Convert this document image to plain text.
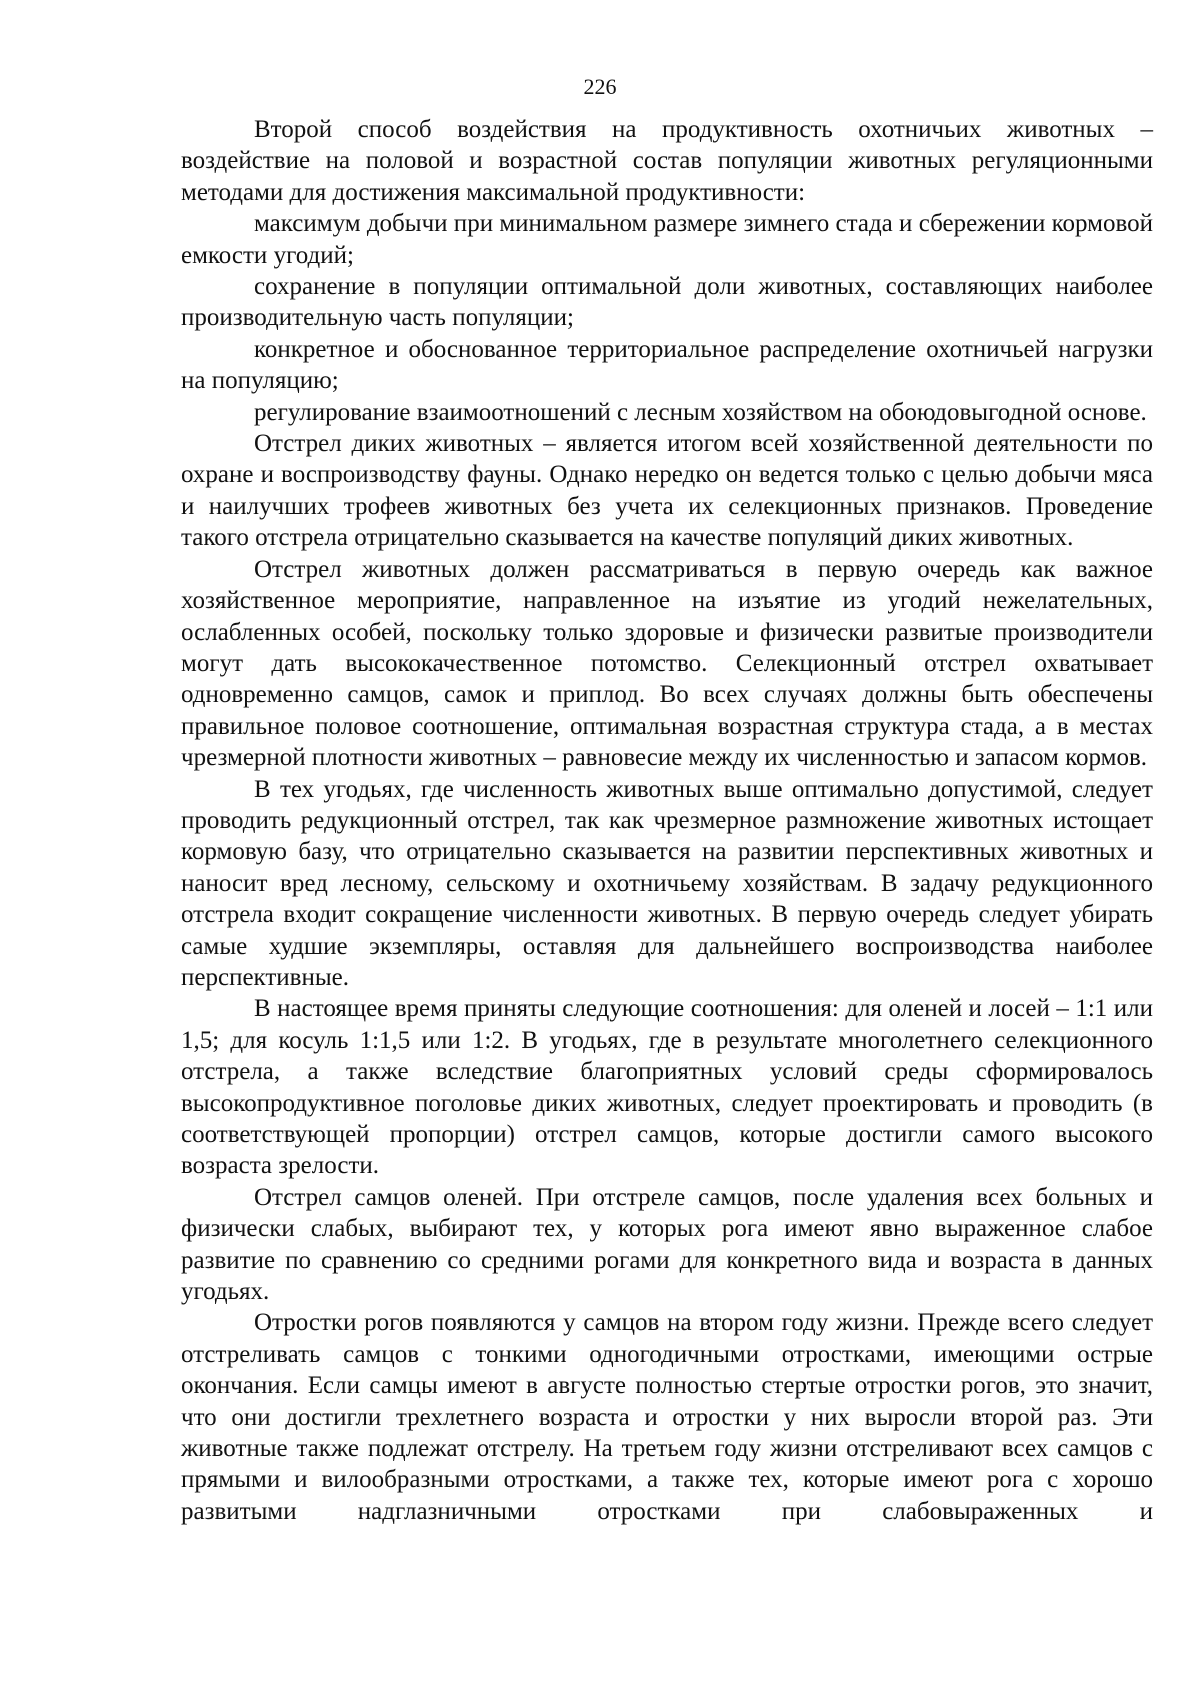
226

Второй способ воздействия на продуктивность охотничьих животных – воздействие на половой и возрастной состав популяции животных регуляционными методами для достижения максимальной продуктивности:

максимум добычи при минимальном размере зимнего стада и сбережении кормовой емкости угодий;

сохранение в популяции оптимальной доли животных, составляющих наиболее производительную часть популяции;

конкретное и обоснованное территориальное распределение охотничьей нагрузки на популяцию;

регулирование взаимоотношений с лесным хозяйством на обоюдовыгодной основе.

Отстрел диких животных – является итогом всей хозяйственной деятельности по охране и воспроизводству фауны. Однако нередко он ведется только с целью добычи мяса и наилучших трофеев животных без учета их селекционных признаков. Проведение такого отстрела отрицательно сказывается на качестве популяций диких животных.

Отстрел животных должен рассматриваться в первую очередь как важное хозяйственное мероприятие, направленное на изъятие из угодий нежелательных, ослабленных особей, поскольку только здоровые и физически развитые производители могут дать высококачественное потомство. Селекционный отстрел охватывает одновременно самцов, самок и приплод. Во всех случаях должны быть обеспечены правильное половое соотношение, оптимальная возрастная структура стада, а в местах чрезмерной плотности животных – равновесие между их численностью и запасом кормов.

В тех угодьях, где численность животных выше оптимально допустимой, следует проводить редукционный отстрел, так как чрезмерное размножение животных истощает кормовую базу, что отрицательно сказывается на развитии перспективных животных и наносит вред лесному, сельскому и охотничьему хозяйствам. В задачу редукционного отстрела входит сокращение численности животных. В первую очередь следует убирать самые худшие экземпляры, оставляя для дальнейшего воспроизводства наиболее перспективные.

В настоящее время приняты следующие соотношения: для оленей и лосей – 1:1 или 1,5; для косуль 1:1,5 или 1:2. В угодьях, где в результате многолетнего селекционного отстрела, а также вследствие благоприятных условий среды сформировалось высокопродуктивное поголовье диких животных, следует проектировать и проводить (в соответствующей пропорции) отстрел самцов, которые достигли самого высокого возраста зрелости.

Отстрел самцов оленей. При отстреле самцов, после удаления всех больных и физически слабых, выбирают тех, у которых рога имеют явно выраженное слабое развитие по сравнению со средними рогами для конкретного вида и возраста в данных угодьях.

Отростки рогов появляются у самцов на втором году жизни. Прежде всего следует отстреливать самцов с тонкими одногодичными отростками, имеющими острые окончания. Если самцы имеют в августе полностью стертые отростки рогов, это значит, что они достигли трехлетнего возраста и отростки у них выросли второй раз. Эти животные также подлежат отстрелу. На третьем году жизни отстреливают всех самцов с прямыми и вилообразными отростками, а также тех, которые имеют рога с хорошо развитыми надглазничными отростками при слабовыраженных и
